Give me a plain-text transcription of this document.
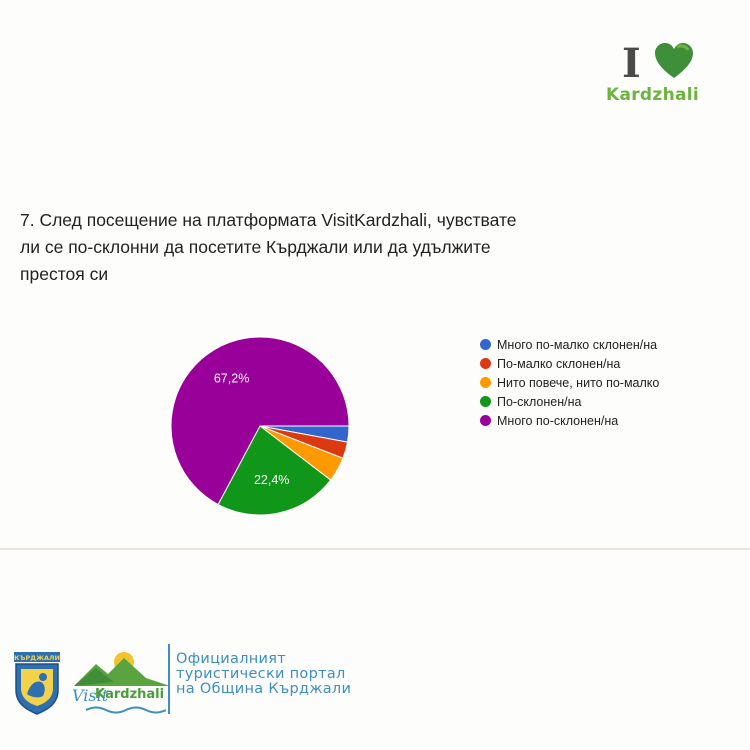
I
Kardzhali
7. След посещение на платформата VisitKardzhali, чувствате ли се по-склонни да посетите Кърджали или да удължите престоя си
22,4%
67,2%
Много по-малко склонен/на
По-малко склонен/на
Нито повече, нито по-малко
По-склонен/на
Много по-склонен/на
КЪРДЖАЛИ
Visit
Kardzhali
Официалният
туристически портал
на Община Кърджали
